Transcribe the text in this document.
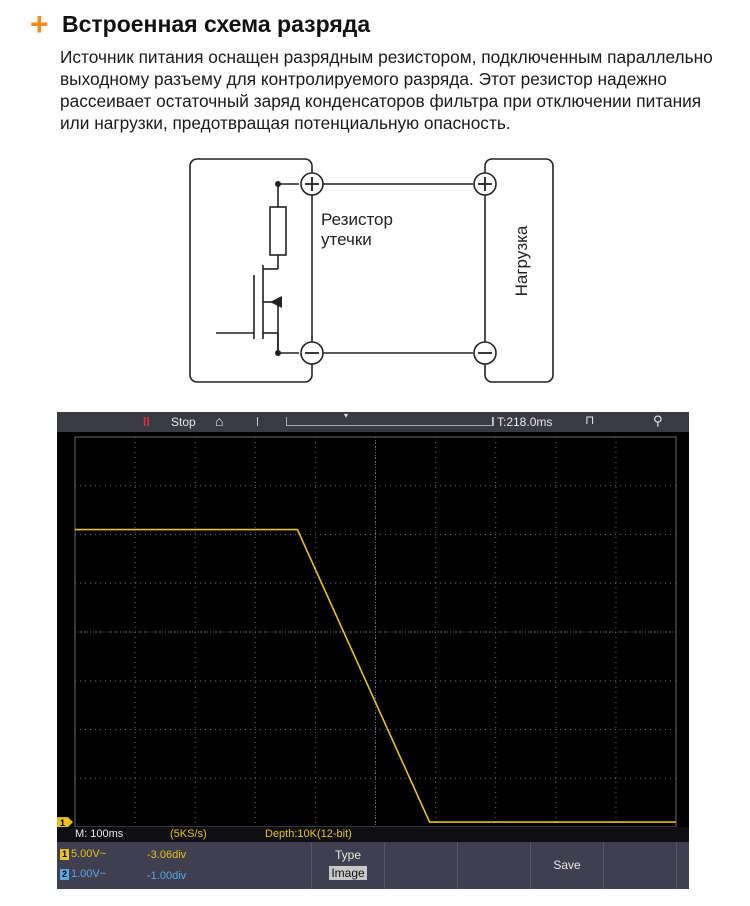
+ Встроенная схема разряда
Источник питания оснащен разрядным резистором, подключенным параллельно
выходному разъему для контролируемого разряда. Этот резистор надежно
рассеивает остаточный заряд конденсаторов фильтра при отключении питания
или нагрузки, предотвращая потенциальную опасность.
Резистор
утечки	Нагрузка
ll Stop ⌂	▾	T:218.0ms	⊓	⚲
1
M: 100ms	(5KS/s)	Depth:10K(12-bit)
1 5.00V~	-3.06div
2 1.00V~	-1.00div
Type
Image
Save
